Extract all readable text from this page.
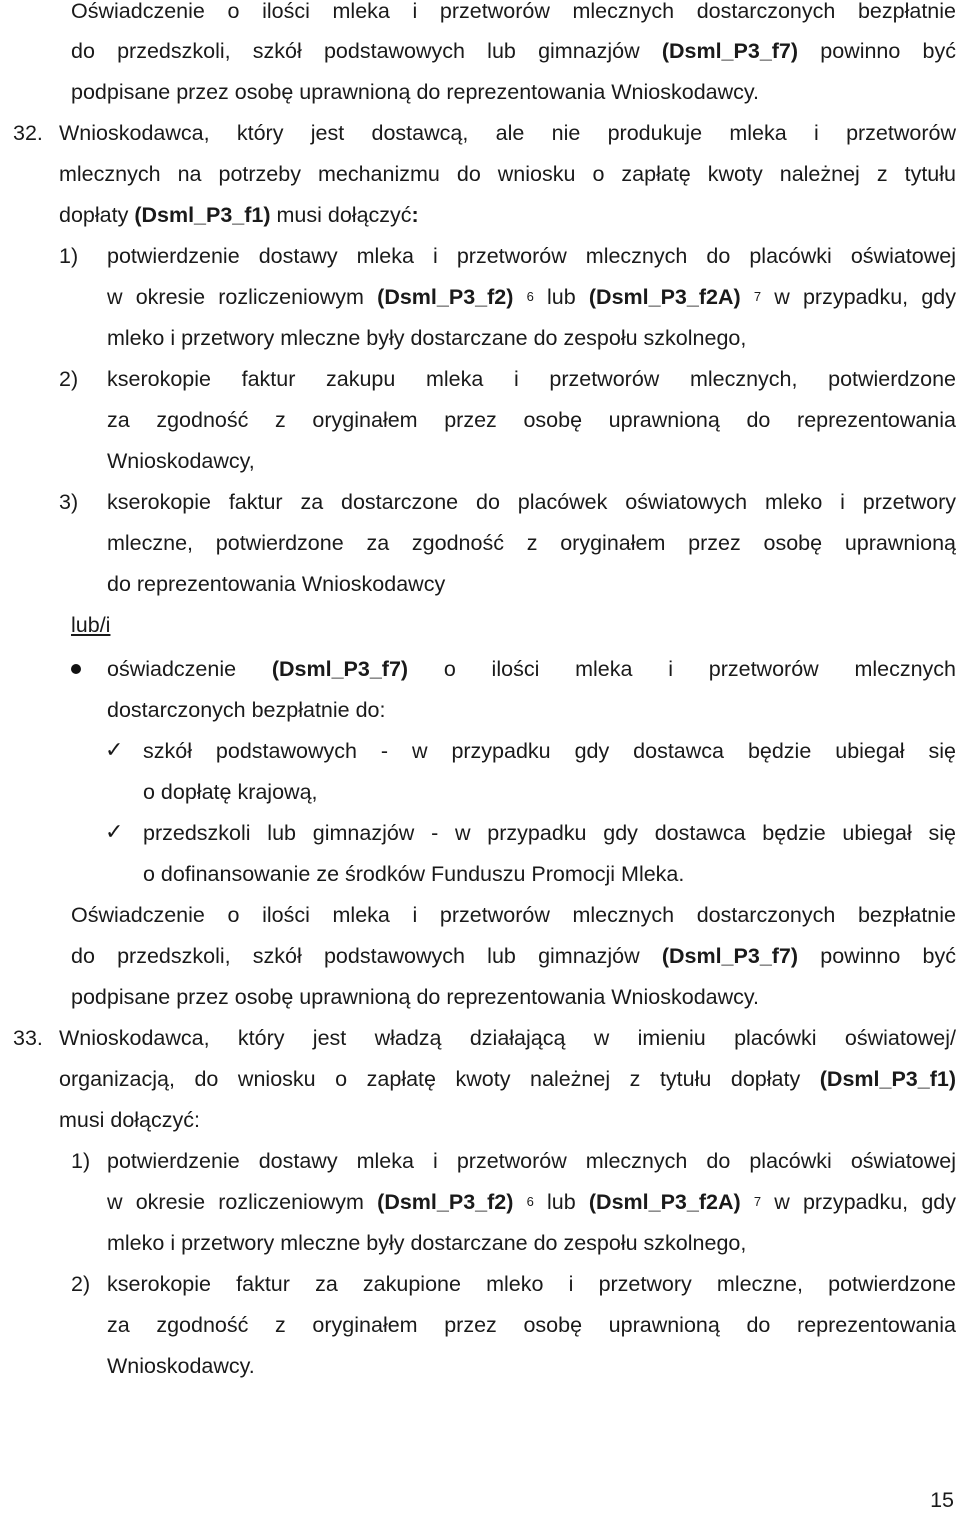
Oświadczenie o ilości mleka i przetworów mlecznych dostarczonych bezpłatnie
do przedszkoli, szkół podstawowych lub gimnazjów (Dsml_P3_f7) powinno być
podpisane przez osobę uprawnioną do reprezentowania Wnioskodawcy.
32. Wnioskodawca, który jest dostawcą, ale nie produkuje mleka i przetworów
mlecznych na potrzeby mechanizmu do wniosku o zapłatę kwoty należnej z tytułu
dopłaty (Dsml_P3_f1) musi dołączyć:
1) potwierdzenie dostawy mleka i przetworów mlecznych do placówki oświatowej
w okresie rozliczeniowym (Dsml_P3_f2) $^6$ lub (Dsml_P3_f2A) $^7$ w przypadku, gdy
mleko i przetwory mleczne były dostarczane do zespołu szkolnego,
2) kserokopie faktur zakupu mleka i przetworów mlecznych, potwierdzone
za zgodność z oryginałem przez osobę uprawnioną do reprezentowania
Wnioskodawcy,
3) kserokopie faktur za dostarczone do placówek oświatowych mleko i przetwory
mleczne, potwierdzone za zgodność z oryginałem przez osobę uprawnioną
do reprezentowania Wnioskodawcy
lub/i
oświadczenie (Dsml_P3_f7) o ilości mleka i przetworów mlecznych
dostarczonych bezpłatnie do:
✓ szkół podstawowych - w przypadku gdy dostawca będzie ubiegał się
o dopłatę krajową,
✓ przedszkoli lub gimnazjów - w przypadku gdy dostawca będzie ubiegał się
o dofinansowanie ze środków Funduszu Promocji Mleka.
Oświadczenie o ilości mleka i przetworów mlecznych dostarczonych bezpłatnie
do przedszkoli, szkół podstawowych lub gimnazjów (Dsml_P3_f7) powinno być
podpisane przez osobę uprawnioną do reprezentowania Wnioskodawcy.
33. Wnioskodawca, który jest władzą działającą w imieniu placówki oświatowej/
organizacją, do wniosku o zapłatę kwoty należnej z tytułu dopłaty (Dsml_P3_f1)
musi dołączyć:
1) potwierdzenie dostawy mleka i przetworów mlecznych do placówki oświatowej
w okresie rozliczeniowym (Dsml_P3_f2) $^6$ lub (Dsml_P3_f2A) $^7$ w przypadku, gdy
mleko i przetwory mleczne były dostarczane do zespołu szkolnego,
2) kserokopie faktur za zakupione mleko i przetwory mleczne, potwierdzone
za zgodność z oryginałem przez osobę uprawnioną do reprezentowania
Wnioskodawcy.
15
